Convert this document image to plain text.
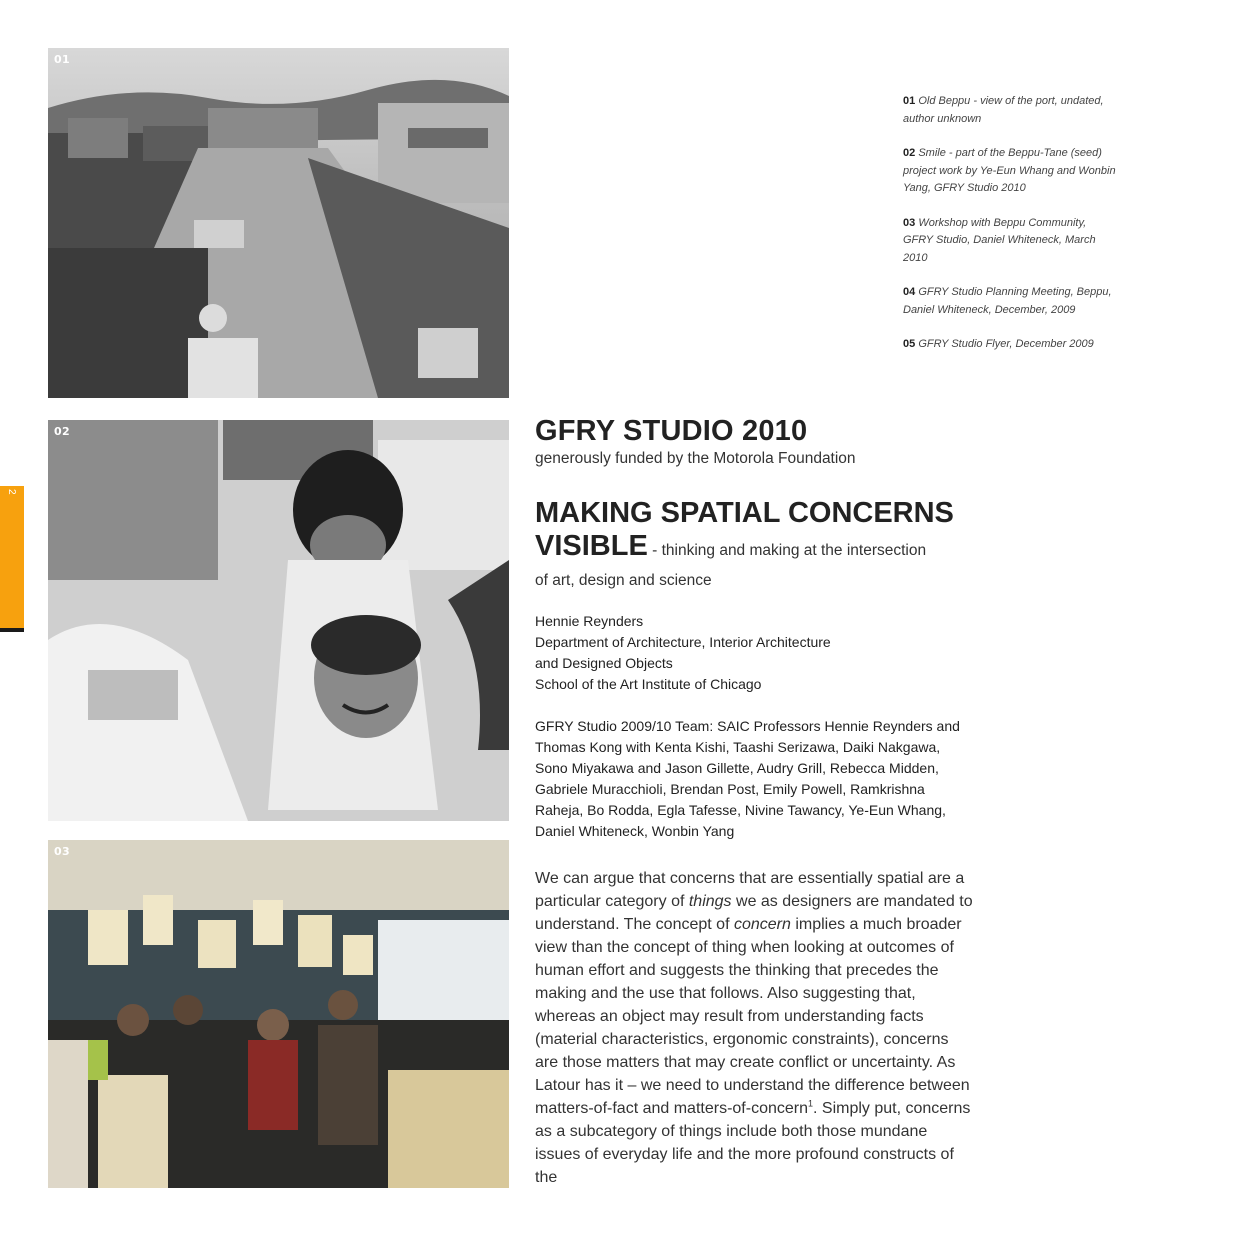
01
02
03
2

01 Old Beppu - view of the port, undated, author unknown

02 Smile - part of the Beppu-Tane (seed) project work by Ye-Eun Whang and Wonbin Yang, GFRY Studio 2010

03 Workshop with Beppu Community, GFRY Studio, Daniel Whiteneck, March 2010

04 GFRY Studio Planning Meeting, Beppu, Daniel Whiteneck, December, 2009

05 GFRY Studio Flyer, December 2009

GFRY STUDIO 2010

generously funded by the Motorola Foundation

MAKING SPATIAL CONCERNS
VISIBLE - thinking and making at the intersection
of art, design and science
Hennie Reynders
Department of Architecture, Interior Architecture
and Designed Objects
School of the Art Institute of Chicago
GFRY Studio 2009/10 Team: SAIC Professors Hennie Reynders and Thomas Kong with Kenta Kishi, Taashi Serizawa, Daiki Nakgawa, Sono Miyakawa and Jason Gillette, Audry Grill, Rebecca Midden, Gabriele Muracchioli, Brendan Post, Emily Powell, Ramkrishna Raheja, Bo Rodda, Egla Tafesse, Nivine Tawancy, Ye-Eun Whang, Daniel Whiteneck, Wonbin Yang

We can argue that concerns that are essentially spatial are a particular category of things we as designers are mandated to understand. The concept of concern implies a much broader view than the concept of thing when looking at outcomes of human effort and suggests the thinking that precedes the making and the use that follows. Also suggesting that, whereas an object may result from understanding facts (material characteristics, ergonomic constraints), concerns are those matters that may create conflict or uncertainty. As Latour has it – we need to understand the difference between matters-of-fact and matters-of-concern$^1$. Simply put, concerns as a subcategory of things include both those mundane issues of everyday life and the more profound constructs of the
